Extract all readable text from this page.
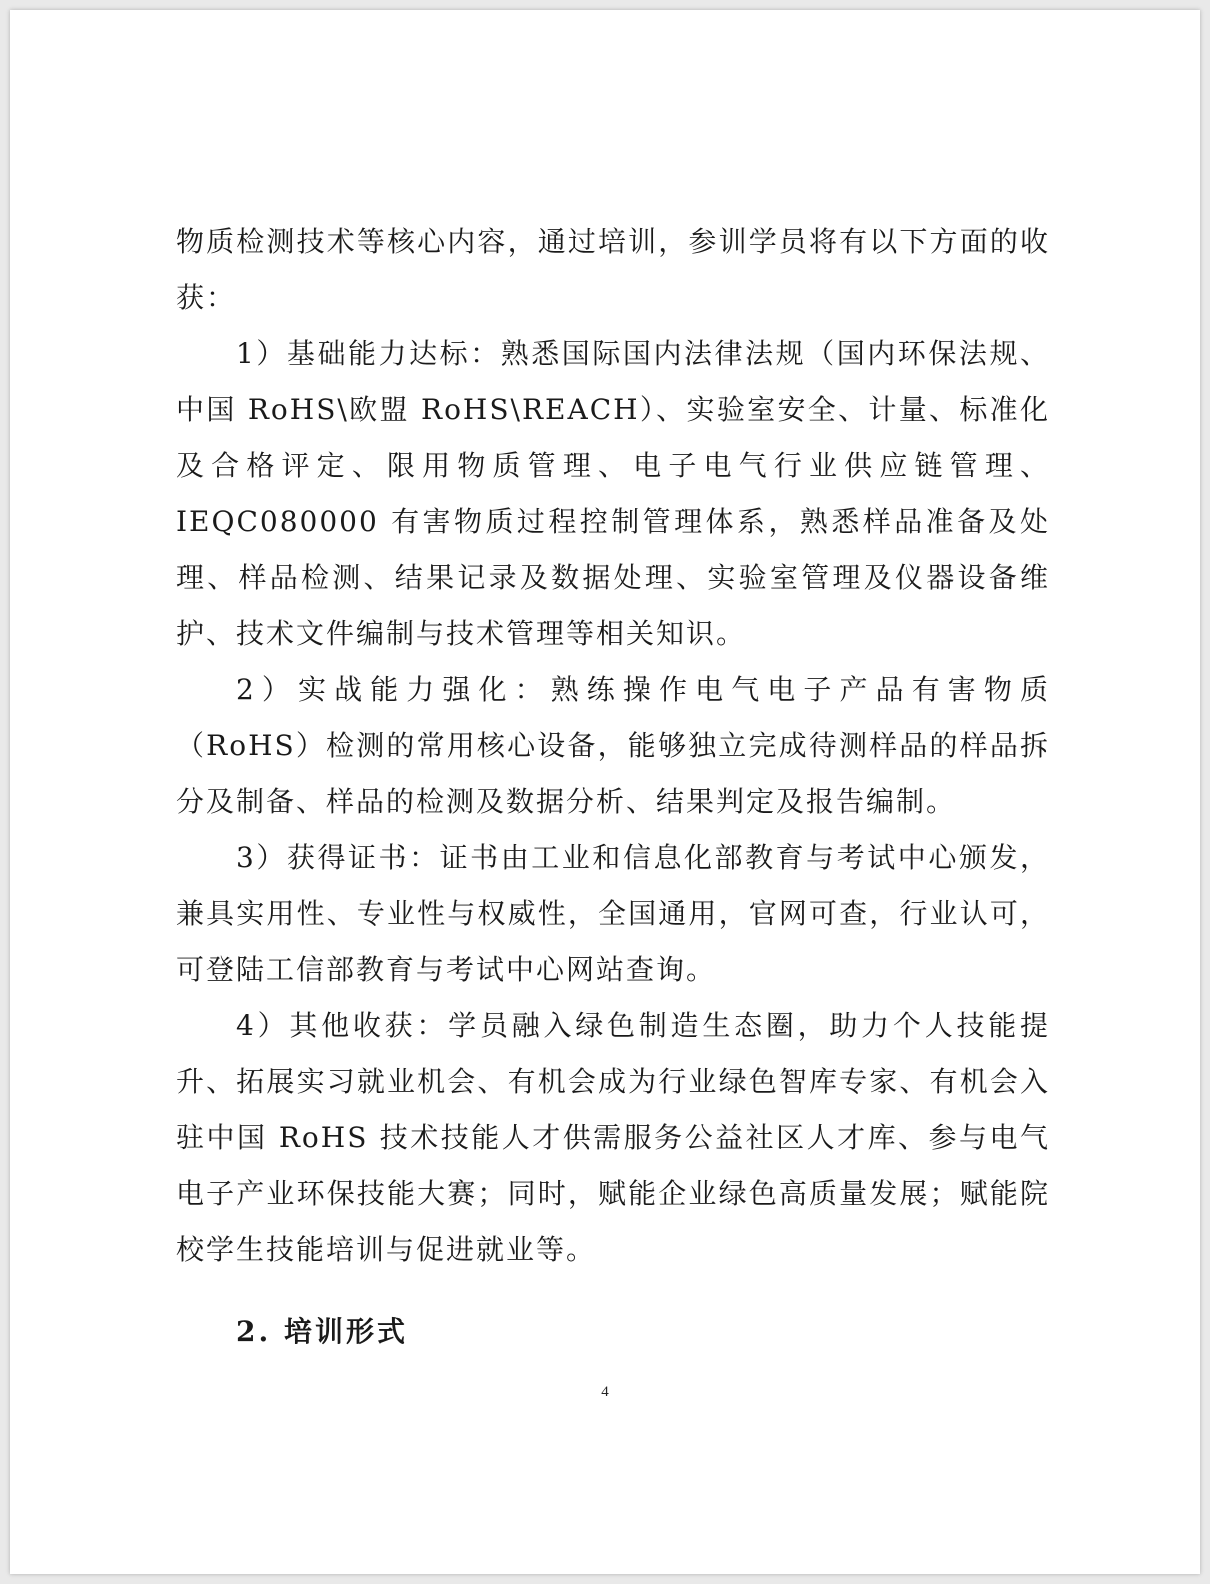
物质检测技术等核心内容，通过培训，参训学员将有以下方面的收获：

1）基础能力达标：熟悉国际国内法律法规（国内环保法规、中国 RoHS\欧盟 RoHS\REACH）、实验室安全、计量、标准化及合格评定、限用物质管理、电子电气行业供应链管理、IEQC080000 有害物质过程控制管理体系，熟悉样品准备及处理、样品检测、结果记录及数据处理、实验室管理及仪器设备维护、技术文件编制与技术管理等相关知识。

2）实战能力强化：熟练操作电气电子产品有害物质（RoHS）检测的常用核心设备，能够独立完成待测样品的样品拆分及制备、样品的检测及数据分析、结果判定及报告编制。

3）获得证书：证书由工业和信息化部教育与考试中心颁发，兼具实用性、专业性与权威性，全国通用，官网可查，行业认可，可登陆工信部教育与考试中心网站查询。

4）其他收获：学员融入绿色制造生态圈，助力个人技能提升、拓展实习就业机会、有机会成为行业绿色智库专家、有机会入驻中国 RoHS 技术技能人才供需服务公益社区人才库、参与电气电子产业环保技能大赛；同时，赋能企业绿色高质量发展；赋能院校学生技能培训与促进就业等。

2. 培训形式
4
